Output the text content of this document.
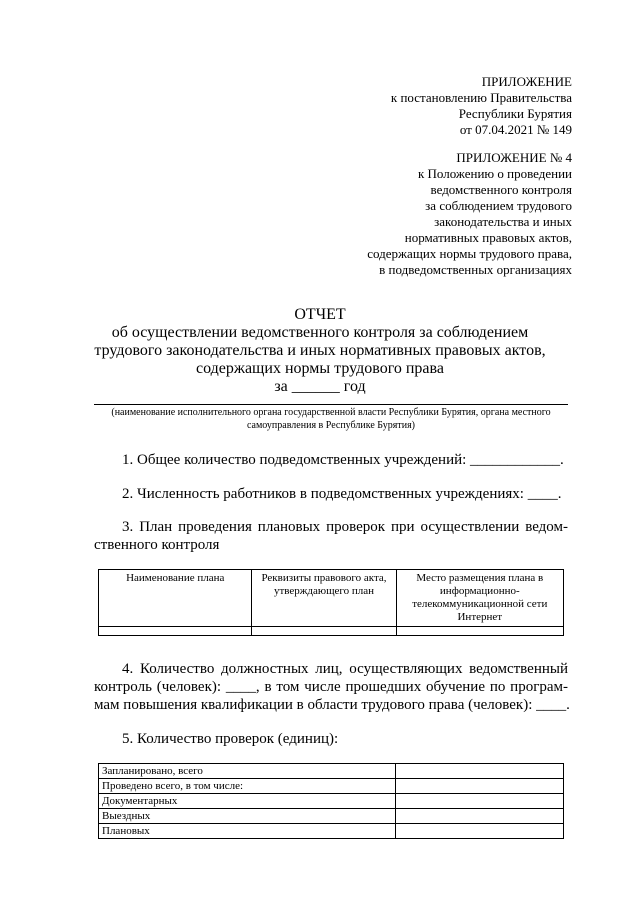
ПРИЛОЖЕНИЕ
к постановлению Правительства
Республики Бурятия
от 07.04.2021 № 149
ПРИЛОЖЕНИЕ № 4
к Положению о проведении
ведомственного контроля
за соблюдением трудового
законодательства и иных
нормативных правовых актов,
содержащих нормы трудового права,
в подведомственных организациях
ОТЧЕТ
об осуществлении ведомственного контроля за соблюдением
трудового законодательства и иных нормативных правовых актов,
содержащих нормы трудового права
за ______ год
(наименование исполнительного органа государственной власти Республики Бурятия, органа местного самоуправления в Республике Бурятия)
1. Общее количество подведомственных учреждений: ____________.
2. Численность работников в подведомственных учреждениях: ____.
3. План проведения плановых проверок при осуществлении ведом-
ственного контроля
Наименование плана	Реквизиты правового акта, утверждающего план	Место размещения плана в информационно-телекоммуникационной сети Интернет

4. Количество должностных лиц, осуществляющих ведомственный
контроль (человек): ____, в том числе прошедших обучение по програм-
мам повышения квалификации в области трудового права (человек): ____.
5. Количество проверок (единиц):
Запланировано, всего	
Проведено всего, в том числе:	
Документарных	
Выездных	
Плановых	
